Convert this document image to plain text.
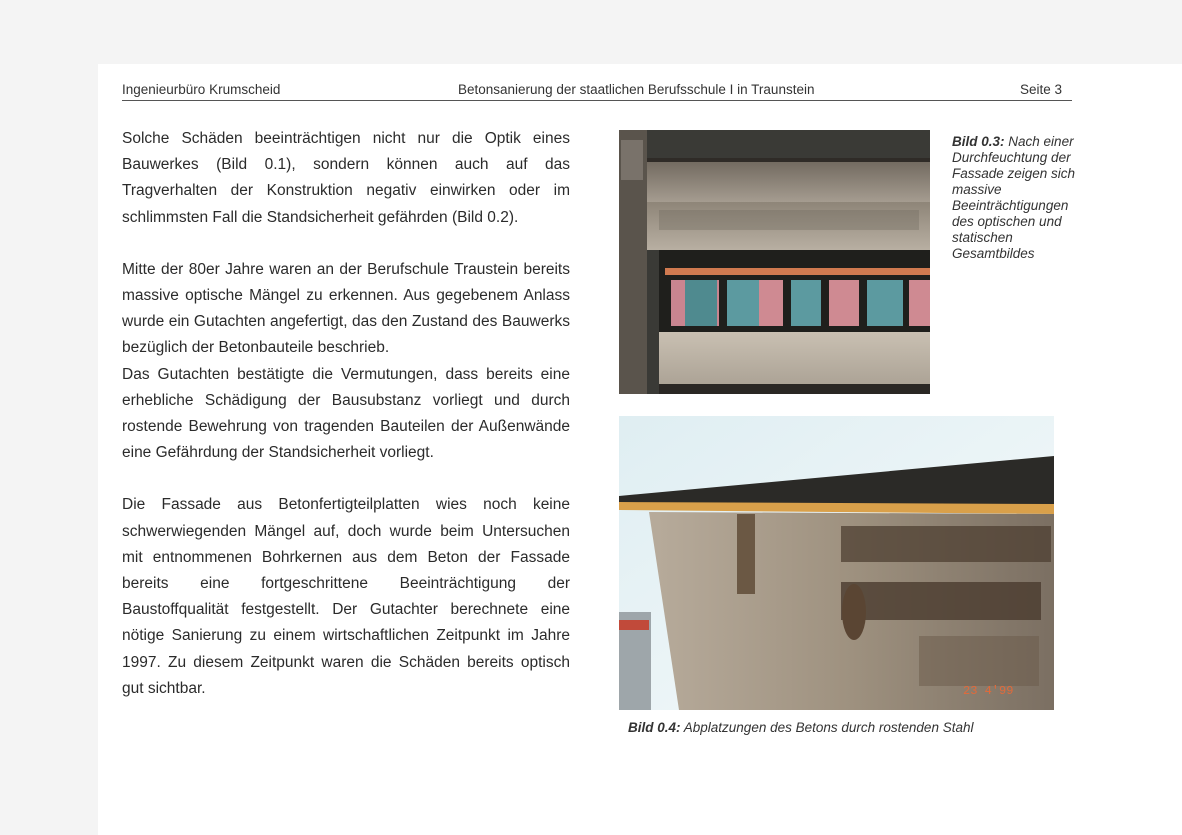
Ingenieurbüro Krumscheid	Betonsanierung der staatlichen Berufsschule I in Traunstein	Seite 3

Solche Schäden beeinträchtigen nicht nur die Optik eines Bauwerkes (Bild 0.1), sondern können auch auf das Tragverhalten der Konstruktion negativ einwirken oder im schlimmsten Fall die Standsicherheit gefährden (Bild 0.2).

Mitte der 80er Jahre waren an der Berufschule Traustein bereits massive optische Mängel zu erkennen. Aus gegebenem Anlass wurde ein Gutachten angefertigt, das den Zustand des Bauwerks bezüglich der Betonbauteile beschrieb.

Das Gutachten bestätigte die Vermutungen, dass bereits eine erhebliche Schädigung der Bausubstanz vorliegt und durch rostende Bewehrung von tragenden Bauteilen der Außenwände eine Gefährdung der Standsicherheit vorliegt.

Die Fassade aus Betonfertigteilplatten wies noch keine schwerwiegenden Mängel auf, doch wurde beim Untersuchen mit entnommenen Bohrkernen aus dem Beton der Fassade bereits eine fortgeschrittene Beeinträchtigung der Baustoffqualität festgestellt. Der Gutachter berechnete eine nötige Sanierung zu einem wirtschaftlichen Zeitpunkt im Jahre 1997. Zu diesem Zeitpunkt waren die Schäden bereits optisch gut sichtbar.

Bild 0.3: Nach einer Durchfeuchtung der Fassade zeigen sich massive Beeinträchtigungen des optischen und statischen Gesamtbildes
23 4'99
Bild 0.4: Abplatzungen des Betons durch rostenden Stahl
